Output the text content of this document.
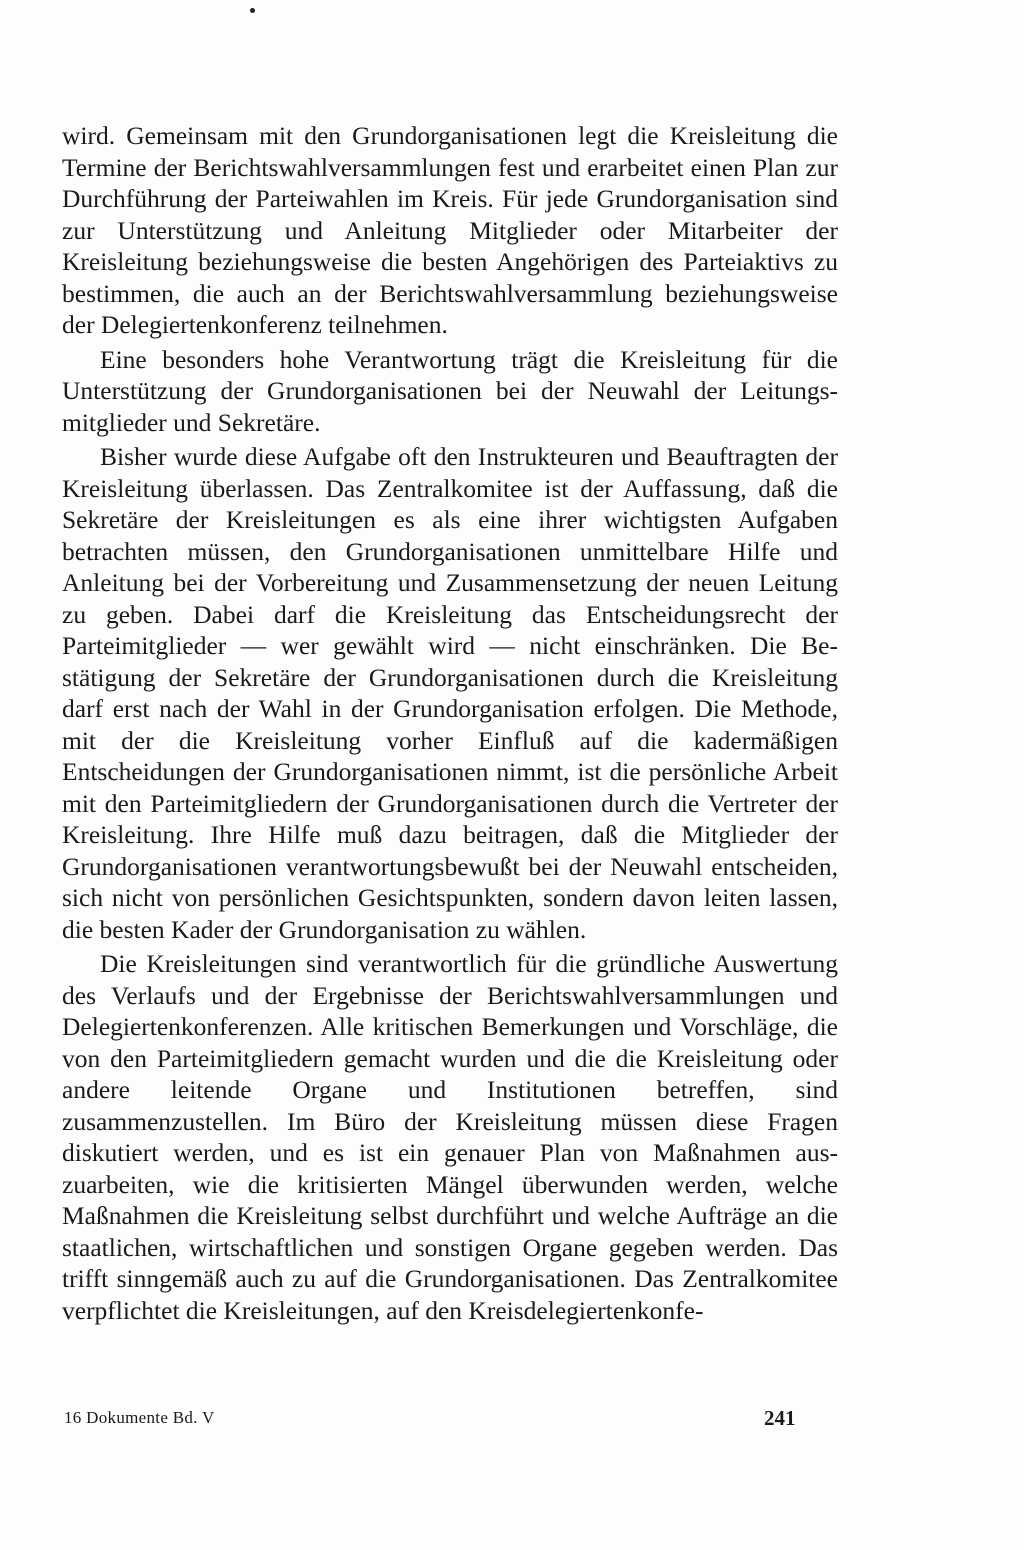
wird. Gemeinsam mit den Grundorganisationen legt die Kreisleitung die Termine der Berichtswahlversammlungen fest und erarbeitet einen Plan zur Durchführung der Parteiwahlen im Kreis. Für jede Grundorganisation sind zur Unterstützung und Anleitung Mitglieder oder Mitarbeiter der Kreisleitung beziehungsweise die besten Angehörigen des Parteiaktivs zu bestimmen, die auch an der Berichtswahlversammlung beziehungsweise der Delegiertenkonferenz teilnehmen.

Eine besonders hohe Verantwortung trägt die Kreisleitung für die Unterstützung der Grundorganisationen bei der Neuwahl der Leitungsmitglieder und Sekretäre.

Bisher wurde diese Aufgabe oft den Instrukteuren und Beauftragten der Kreisleitung überlassen. Das Zentralkomitee ist der Auffassung, daß die Sekretäre der Kreisleitungen es als eine ihrer wichtigsten Aufgaben betrachten müssen, den Grundorganisationen unmittelbare Hilfe und Anleitung bei der Vorbereitung und Zusammensetzung der neuen Leitung zu geben. Dabei darf die Kreisleitung das Entscheidungsrecht der Parteimitglieder — wer gewählt wird — nicht einschränken. Die Bestätigung der Sekretäre der Grundorganisationen durch die Kreisleitung darf erst nach der Wahl in der Grundorganisation erfolgen. Die Methode, mit der die Kreisleitung vorher Einfluß auf die kadermäßigen Entscheidungen der Grundorganisationen nimmt, ist die persönliche Arbeit mit den Parteimitgliedern der Grundorganisationen durch die Vertreter der Kreisleitung. Ihre Hilfe muß dazu beitragen, daß die Mitglieder der Grundorganisationen verantwortungsbewußt bei der Neuwahl entscheiden, sich nicht von persönlichen Gesichtspunkten, sondern davon leiten lassen, die besten Kader der Grundorganisation zu wählen.

Die Kreisleitungen sind verantwortlich für die gründliche Auswertung des Verlaufs und der Ergebnisse der Berichtswahlversammlungen und Delegiertenkonferenzen. Alle kritischen Bemerkungen und Vorschläge, die von den Parteimitgliedern gemacht wurden und die die Kreisleitung oder andere leitende Organe und Institutionen betreffen, sind zusammenzustellen. Im Büro der Kreisleitung müssen diese Fragen diskutiert werden, und es ist ein genauer Plan von Maßnahmen auszuarbeiten, wie die kritisierten Mängel überwunden werden, welche Maßnahmen die Kreisleitung selbst durchführt und welche Aufträge an die staatlichen, wirtschaftlichen und sonstigen Organe gegeben werden. Das trifft sinngemäß auch zu auf die Grundorganisationen. Das Zentralkomitee verpflichtet die Kreisleitungen, auf den Kreisdelegiertenkonfe-

16 Dokumente Bd. V	241
